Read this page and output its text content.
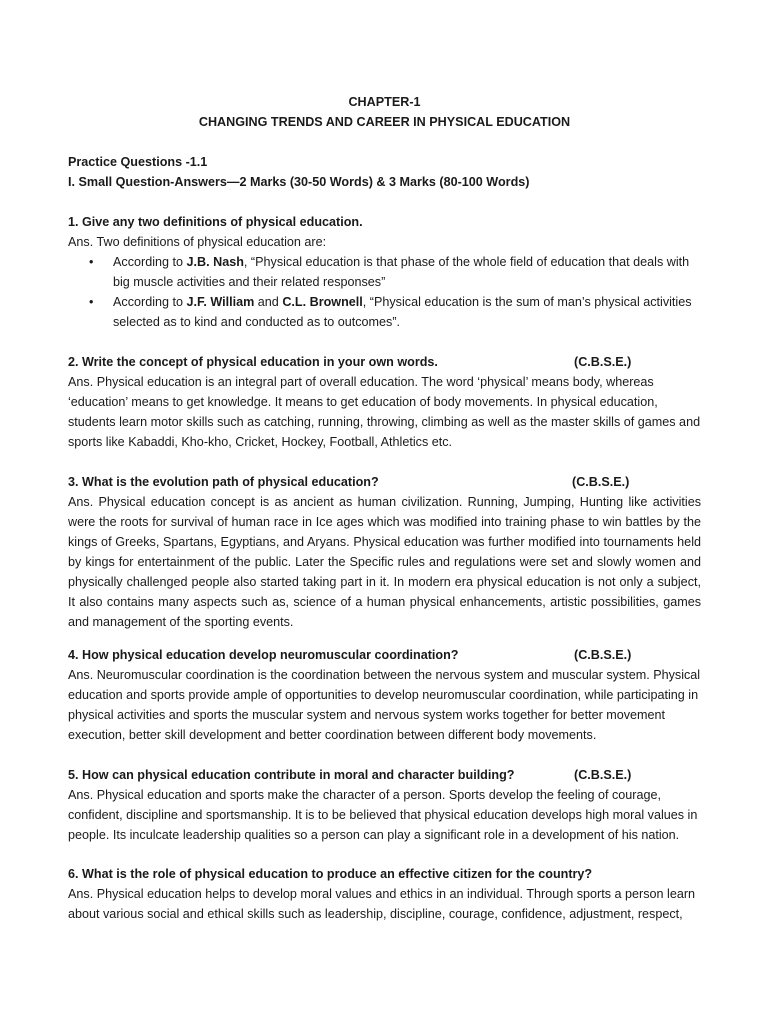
CHAPTER-1
CHANGING TRENDS AND CAREER IN PHYSICAL EDUCATION
Practice Questions -1.1
I. Small Question-Answers—2 Marks (30-50 Words) & 3 Marks (80-100 Words)
1. Give any two definitions of physical education.
Ans. Two definitions of physical education are:
• According to J.B. Nash, “Physical education is that phase of the whole field of education that deals with big muscle activities and their related responses”
• According to J.F. William and C.L. Brownell, “Physical education is the sum of man’s physical activities selected as to kind and conducted as to outcomes”.
2. Write the concept of physical education in your own words.	(C.B.S.E.)
Ans. Physical education is an integral part of overall education. The word ‘physical’ means body, whereas ‘education’ means to get knowledge. It means to get education of body movements. In physical education, students learn motor skills such as catching, running, throwing, climbing as well as the master skills of games and sports like Kabaddi, Kho-kho, Cricket, Hockey, Football, Athletics etc.
3. What is the evolution path of physical education?	(C.B.S.E.)
Ans. Physical education concept is as ancient as human civilization. Running, Jumping, Hunting like activities were the roots for survival of human race in Ice ages which was modified into training phase to win battles by the kings of Greeks, Spartans, Egyptians, and Aryans. Physical education was further modified into tournaments held by kings for entertainment of the public. Later the Specific rules and regulations were set and slowly women and physically challenged people also started taking part in it. In modern era physical education is not only a subject, It also contains many aspects such as, science of a human physical enhancements, artistic possibilities, games and management of the sporting events.
4. How physical education develop neuromuscular coordination?	(C.B.S.E.)
Ans. Neuromuscular coordination is the coordination between the nervous system and muscular system. Physical education and sports provide ample of opportunities to develop neuromuscular coordination, while participating in physical activities and sports the muscular system and nervous system works together for better movement execution, better skill development and better coordination between different body movements.
5. How can physical education contribute in moral and character building?	(C.B.S.E.)
Ans. Physical education and sports make the character of a person. Sports develop the feeling of courage, confident, discipline and sportsmanship. It is to be believed that physical education develops high moral values in people. Its inculcate leadership qualities so a person can play a significant role in a development of his nation.
6. What is the role of physical education to produce an effective citizen for the country?
Ans. Physical education helps to develop moral values and ethics in an individual. Through sports a person learn about various social and ethical skills such as leadership, discipline, courage, confidence, adjustment, respect,
